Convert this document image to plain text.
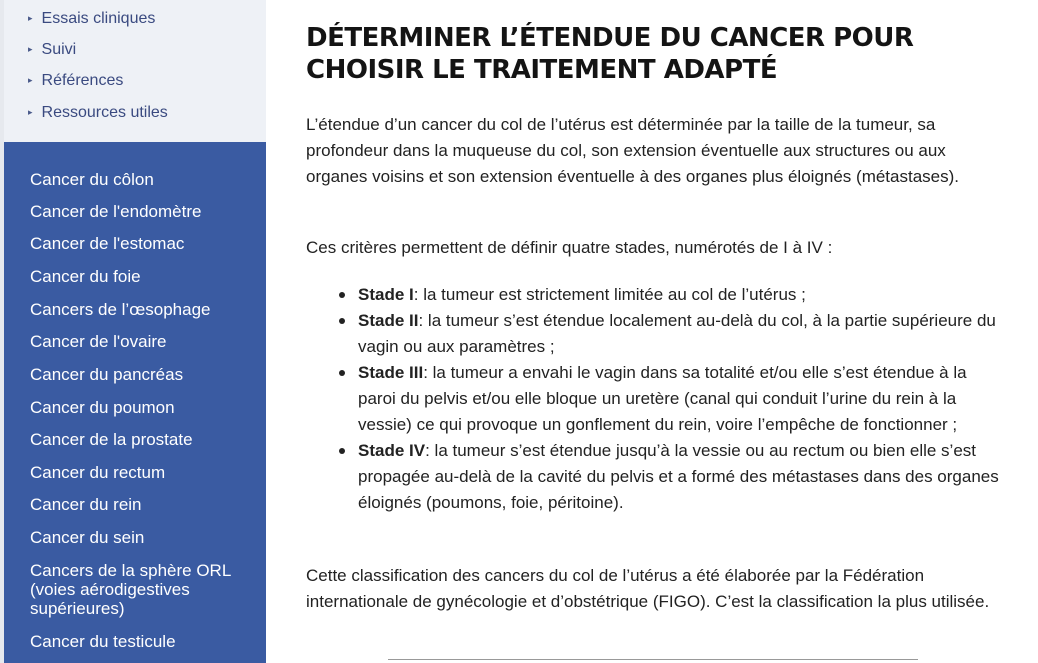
▸ Essais cliniques
▸ Suivi
▸ Références
▸ Ressources utiles
Cancer du côlon
Cancer de l'endomètre
Cancer de l'estomac
Cancer du foie
Cancers de l’œsophage
Cancer de l'ovaire
Cancer du pancréas
Cancer du poumon
Cancer de la prostate
Cancer du rectum
Cancer du rein
Cancer du sein
Cancers de la sphère ORL (voies aérodigestives supérieures)
Cancer du testicule
DÉTERMINER L’ÉTENDUE DU CANCER POUR CHOISIR LE TRAITEMENT ADAPTÉ

L’étendue d’un cancer du col de l’utérus est déterminée par la taille de la tumeur, sa profondeur dans la muqueuse du col, son extension éventuelle aux structures ou aux organes voisins et son extension éventuelle à des organes plus éloignés (métastases).

Ces critères permettent de définir quatre stades, numérotés de I à IV :

Stade I: la tumeur est strictement limitée au col de l’utérus ;
Stade II: la tumeur s’est étendue localement au-delà du col, à la partie supérieure du vagin ou aux paramètres ;
Stade III: la tumeur a envahi le vagin dans sa totalité et/ou elle s’est étendue à la paroi du pelvis et/ou elle bloque un uretère (canal qui conduit l’urine du rein à la vessie) ce qui provoque un gonflement du rein, voire l’empêche de fonctionner ;
Stade IV: la tumeur s’est étendue jusqu’à la vessie ou au rectum ou bien elle s’est propagée au-delà de la cavité du pelvis et a formé des métastases dans des organes éloignés (poumons, foie, péritoine).

Cette classification des cancers du col de l’utérus a été élaborée par la Fédération internationale de gynécologie et d’obstétrique (FIGO). C’est la classification la plus utilisée.
